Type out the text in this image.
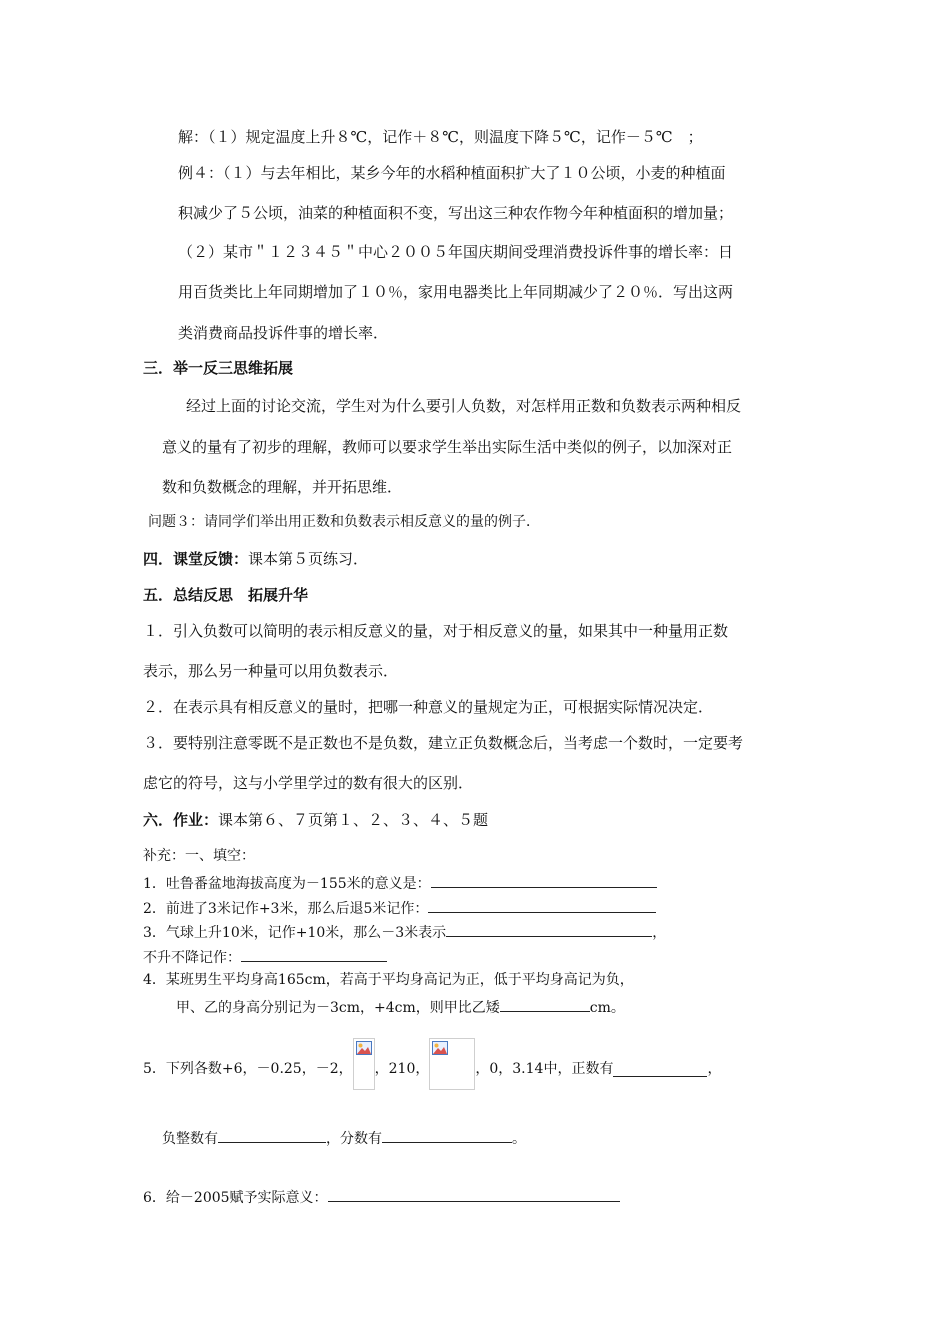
解：（１）规定温度上升８℃，记作＋８℃，则温度下降５℃，记作－５℃　；
例４：（１）与去年相比，某乡今年的水稻种植面积扩大了１０公顷，小麦的种植面
积减少了５公顷，油菜的种植面积不变，写出这三种农作物今年种植面积的增加量；
（２）某市＂１２３４５＂中心２００５年国庆期间受理消费投诉件事的增长率：日
用百货类比上年同期增加了１０％，家用电器类比上年同期减少了２０％．写出这两
类消费商品投诉件事的增长率．
三．举一反三思维拓展
经过上面的讨论交流，学生对为什么要引人负数，对怎样用正数和负数表示两种相反
意义的量有了初步的理解，教师可以要求学生举出实际生活中类似的例子，以加深对正
数和负数概念的理解，并开拓思维．
问题３：请同学们举出用正数和负数表示相反意义的量的例子．
四．课堂反馈：课本第５页练习．
五．总结反思　拓展升华
１．引入负数可以简明的表示相反意义的量，对于相反意义的量，如果其中一种量用正数
表示，那么另一种量可以用负数表示．
２．在表示具有相反意义的量时，把哪一种意义的量规定为正，可根据实际情况决定．
３．要特别注意零既不是正数也不是负数，建立正负数概念后，当考虑一个数时，一定要考
虑它的符号，这与小学里学过的数有很大的区别．
六．作业：课本第６、７页第１、２、３、４、５题
补充：一、填空：
1．吐鲁番盆地海拔高度为－155米的意义是：
2．前进了3米记作+3米，那么后退5米记作：
3．气球上升10米，记作+10米，那么－3米表示	，
不升不降记作：
4．某班男生平均身高165cm，若高于平均身高记为正，低于平均身高记为负，
甲、乙的身高分别记为－3cm，+4cm，则甲比乙矮	cm。
5．下列各数+6，－0.25，－2， ，210，	，0，3.14中，正数有	，
负整数有	，分数有	。
6．给－2005赋予实际意义：
